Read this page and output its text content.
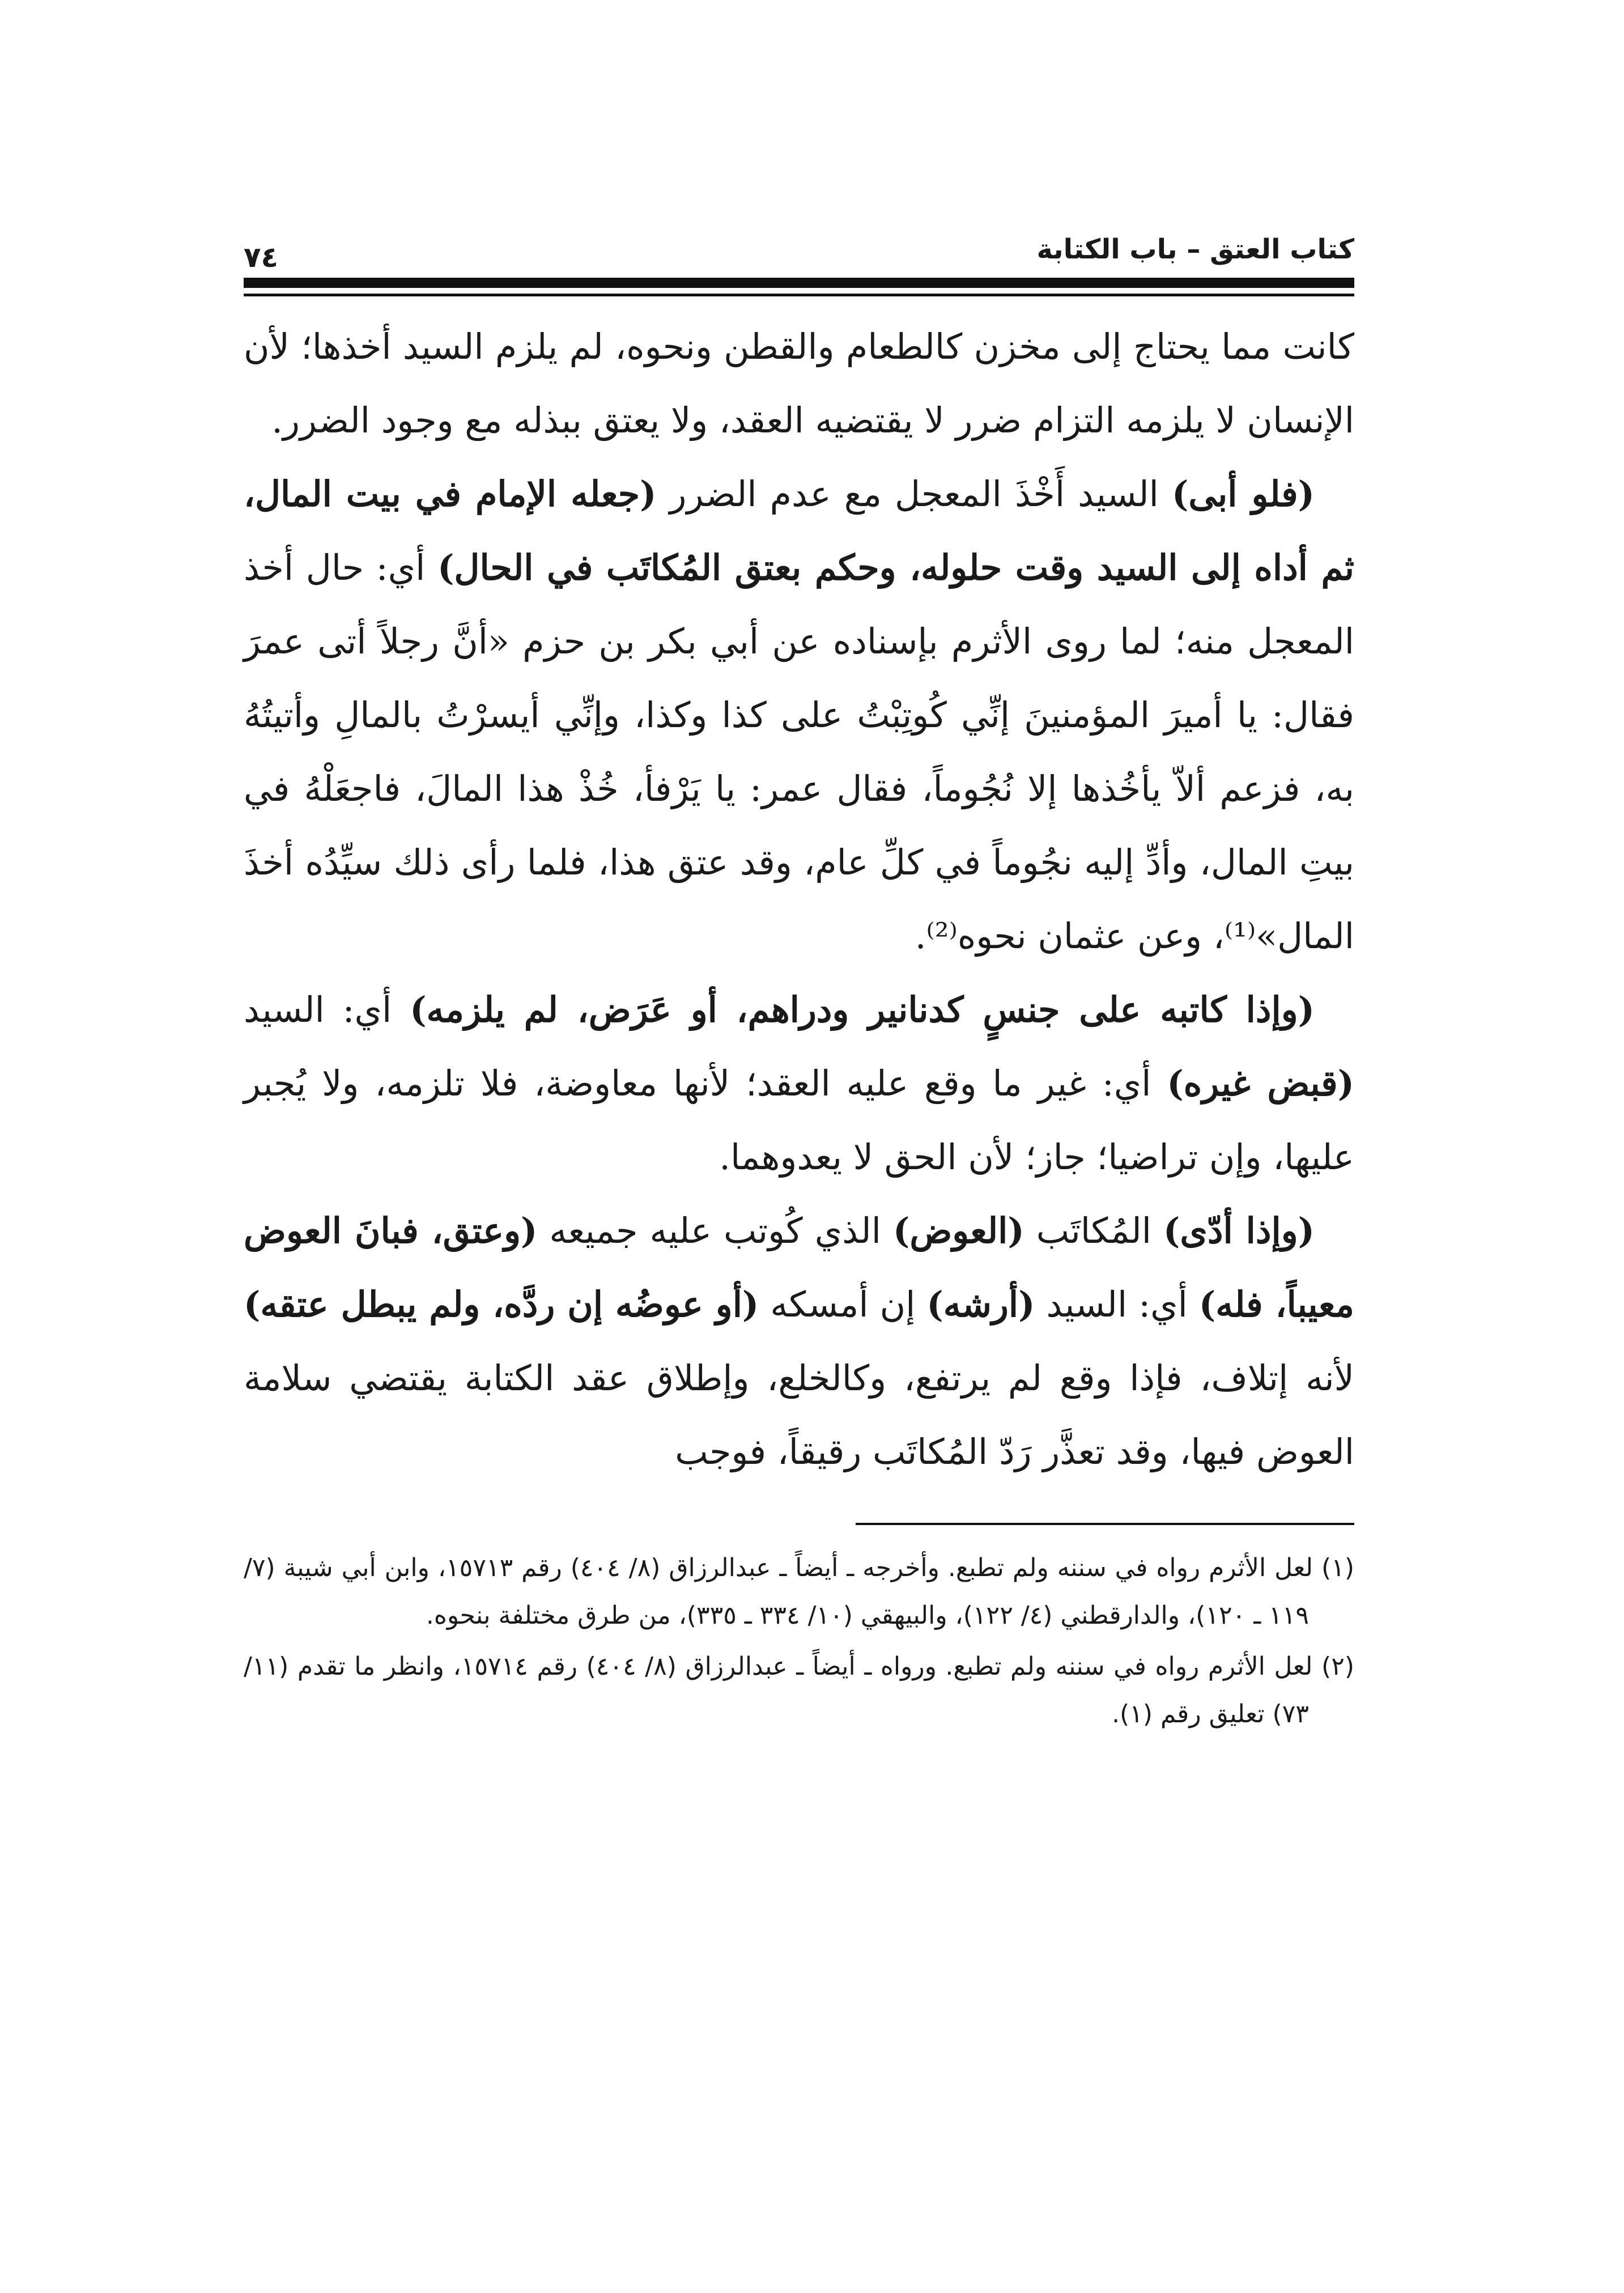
كتاب العتق – باب الكتابة
٧٤

كانت مما يحتاج إلى مخزن كالطعام والقطن ونحوه، لم يلزم السيد أخذها؛ لأن الإنسان لا يلزمه التزام ضرر لا يقتضيه العقد، ولا يعتق ببذله مع وجود الضرر.

(فلو أبى) السيد أَخْذَ المعجل مع عدم الضرر (جعله الإمام في بيت المال، ثم أداه إلى السيد وقت حلوله، وحكم بعتق المُكاتَب في الحال) أي: حال أخذ المعجل منه؛ لما روى الأثرم بإسناده عن أبي بكر بن حزم «أنَّ رجلاً أتى عمرَ فقال: يا أميرَ المؤمنينَ إنِّي كُوتِبْتُ على كذا وكذا، وإنِّي أيسرْتُ بالمالِ وأتيتُهُ به، فزعم ألاّ يأخُذها إلا نُجُوماً، فقال عمر: يا يَرْفأ، خُذْ هذا المالَ، فاجعَلْهُ في بيتِ المال، وأدِّ إليه نجُوماً في كلِّ عام، وقد عتق هذا، فلما رأى ذلك سيِّدُه أخذَ المال»⁽¹⁾، وعن عثمان نحوه⁽²⁾.

(وإذا كاتبه على جنسٍ كدنانير ودراهم، أو عَرَض، لم يلزمه) أي: السيد (قبض غيره) أي: غير ما وقع عليه العقد؛ لأنها معاوضة، فلا تلزمه، ولا يُجبر عليها، وإن تراضيا؛ جاز؛ لأن الحق لا يعدوهما.

(وإذا أدّى) المُكاتَب (العوض) الذي كُوتب عليه جميعه (وعتق، فبانَ العوض معيباً، فله) أي: السيد (أرشه) إن أمسكه (أو عوضُه إن ردَّه، ولم يبطل عتقه) لأنه إتلاف، فإذا وقع لم يرتفع، وكالخلع، وإطلاق عقد الكتابة يقتضي سلامة العوض فيها، وقد تعذَّر رَدّ المُكاتَب رقيقاً، فوجب

(١) لعل الأثرم رواه في سننه ولم تطبع. وأخرجه ـ أيضاً ـ عبدالرزاق (٨/ ٤٠٤) رقم ١٥٧١٣، وابن أبي شيبة (٧/ ١١٩ ـ ١٢٠)، والدارقطني (٤/ ١٢٢)، والبيهقي (١٠/ ٣٣٤ ـ ٣٣٥)، من طرق مختلفة بنحوه.

(٢) لعل الأثرم رواه في سننه ولم تطبع. ورواه ـ أيضاً ـ عبدالرزاق (٨/ ٤٠٤) رقم ١٥٧١٤، وانظر ما تقدم (١١/ ٧٣) تعليق رقم (١).
